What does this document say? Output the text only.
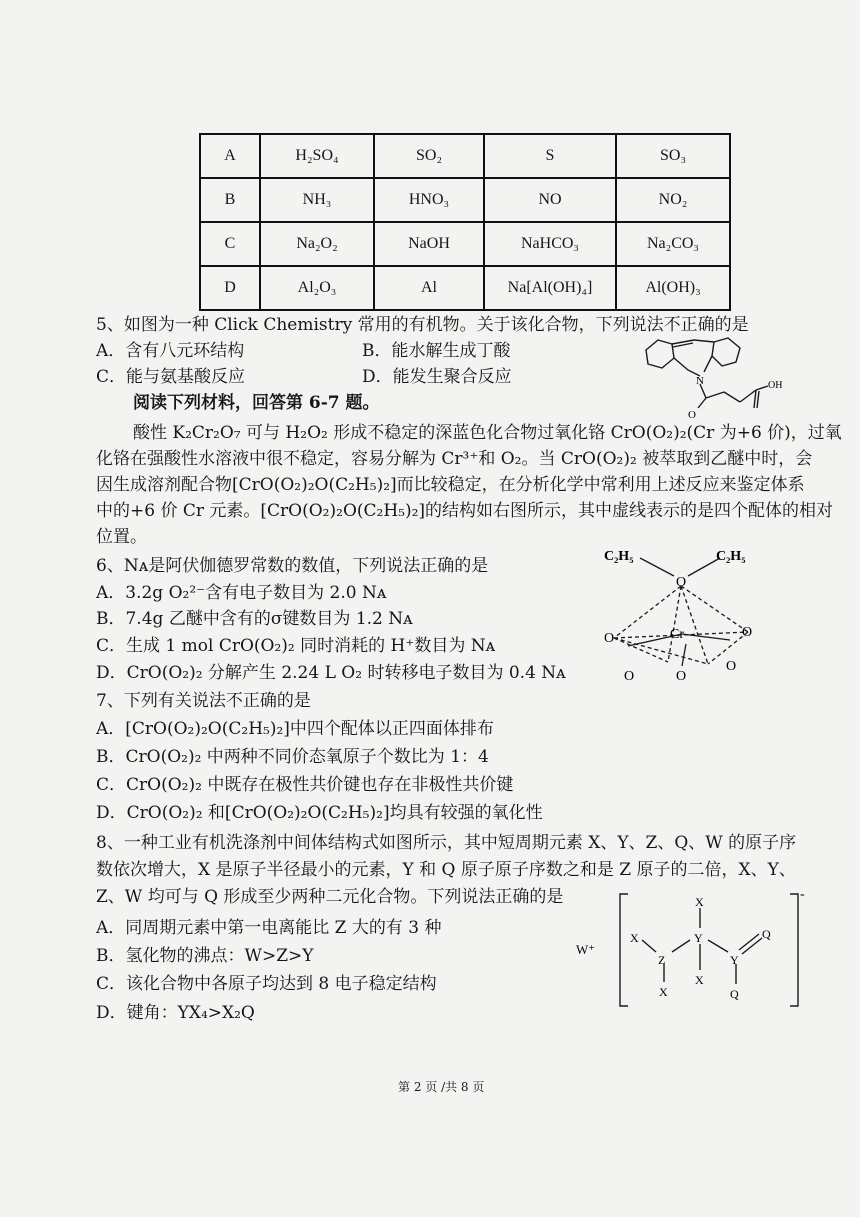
A	H₂SO₄	SO₂	S	SO₃
B	NH₃	HNO₃	NO	NO₂
C	Na₂O₂	NaOH	NaHCO₃	Na₂CO₃
D	Al₂O₃	Al	Na[Al(OH)₄]	Al(OH)₃
5、如图为一种 Click Chemistry 常用的有机物。关于该化合物，下列说法不正确的是
A．含有八元环结构	B．能水解生成丁酸
C．能与氨基酸反应	D．能发生聚合反应	N
O
OH
阅读下列材料，回答第 6-7 题。
酸性 K₂Cr₂O₇ 可与 H₂O₂ 形成不稳定的深蓝色化合物过氧化铬 CrO(O₂)₂(Cr 为+6 价)，过氧
化铬在强酸性水溶液中很不稳定，容易分解为 Cr³⁺和 O₂。当 CrO(O₂)₂ 被萃取到乙醚中时，会
因生成溶剂配合物[CrO(O₂)₂O(C₂H₅)₂]而比较稳定，在分析化学中常利用上述反应来鉴定体系
中的+6 价 Cr 元素。[CrO(O₂)₂O(C₂H₅)₂]的结构如右图所示，其中虚线表示的是四个配体的相对
位置。
6、Nᴀ是阿伏伽德罗常数的数值，下列说法正确的是
A．3.2g O₂²⁻含有电子数目为 2.0 Nᴀ
B．7.4g 乙醚中含有的σ键数目为 1.2 Nᴀ
C．生成 1 mol CrO(O₂)₂ 同时消耗的 H⁺数目为 Nᴀ
D．CrO(O₂)₂ 分解产生 2.24 L O₂ 时转移电子数目为 0.4 Nᴀ
C₂H₅	C₂H₅
O
Cr
O
O	O
O
O
7、下列有关说法不正确的是
A．[CrO(O₂)₂O(C₂H₅)₂]中四个配体以正四面体排布
B．CrO(O₂)₂ 中两种不同价态氧原子个数比为 1：4
C．CrO(O₂)₂ 中既存在极性共价键也存在非极性共价键
D．CrO(O₂)₂ 和[CrO(O₂)₂O(C₂H₅)₂]均具有较强的氧化性
8、一种工业有机洗涤剂中间体结构式如图所示，其中短周期元素 X、Y、Z、Q、W 的原子序
数依次增大，X 是原子半径最小的元素，Y 和 Q 原子原子序数之和是 Z 原子的二倍，X、Y、
Z、W 均可与 Q 形成至少两种二元化合物。下列说法正确的是
A．同周期元素中第一电离能比 Z 大的有 3 种
B．氢化物的沸点：W>Z>Y
C．该化合物中各原子均达到 8 电子稳定结构
D．键角：YX₄>X₂Q
W⁺
-
X
Z
X
X
Y
X
Y
Q
Q
第 2 页 /共 8 页
